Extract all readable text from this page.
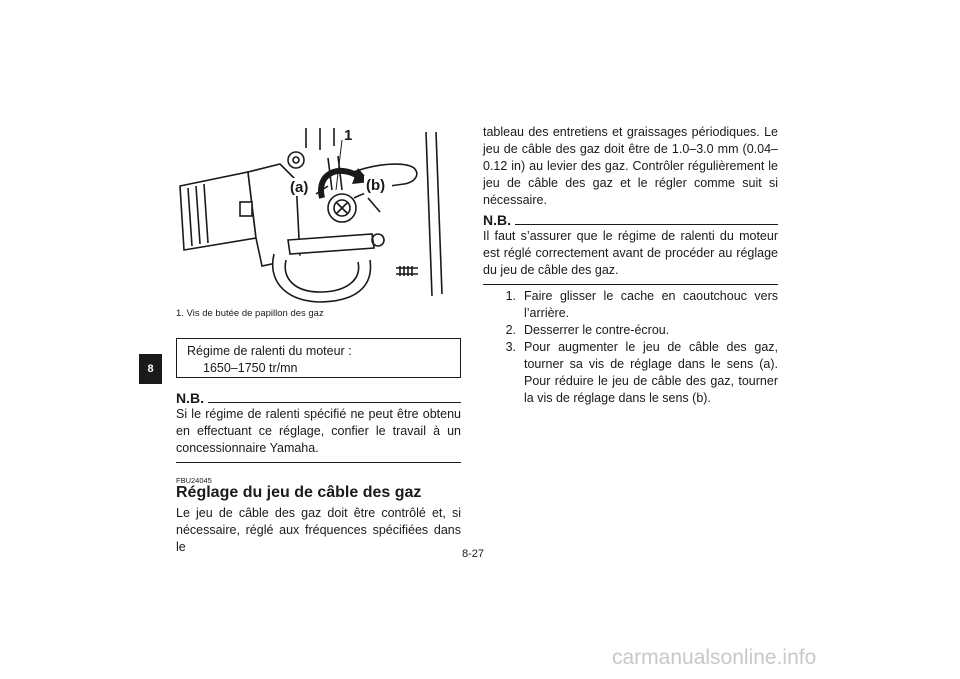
8
1
(a)	(b)
1. Vis de butée de papillon des gaz
Régime de ralenti du moteur :
1650–1750 tr/mn
N.B.
Si le régime de ralenti spécifié ne peut être obtenu en effectuant ce réglage, confier le travail à un concessionnaire Yamaha.
FBU24045
Réglage du jeu de câble des gaz
Le jeu de câble des gaz doit être contrôlé et, si nécessaire, réglé aux fréquences spécifiées dans le
tableau des entretiens et graissages périodiques. Le jeu de câble des gaz doit être de 1.0–3.0 mm (0.04–0.12 in) au levier des gaz. Contrôler régulièrement le jeu de câble des gaz et le régler comme suit si nécessaire.
N.B.
Il faut s’assurer que le régime de ralenti du moteur est réglé correctement avant de procéder au réglage du jeu de câble des gaz.
1. Faire glisser le cache en caoutchouc vers l’arrière.
2. Desserrer le contre-écrou.
3. Pour augmenter le jeu de câble des gaz, tourner sa vis de réglage dans le sens (a). Pour réduire le jeu de câble des gaz, tourner la vis de réglage dans le sens (b).
8-27
carmanualsonline.info
